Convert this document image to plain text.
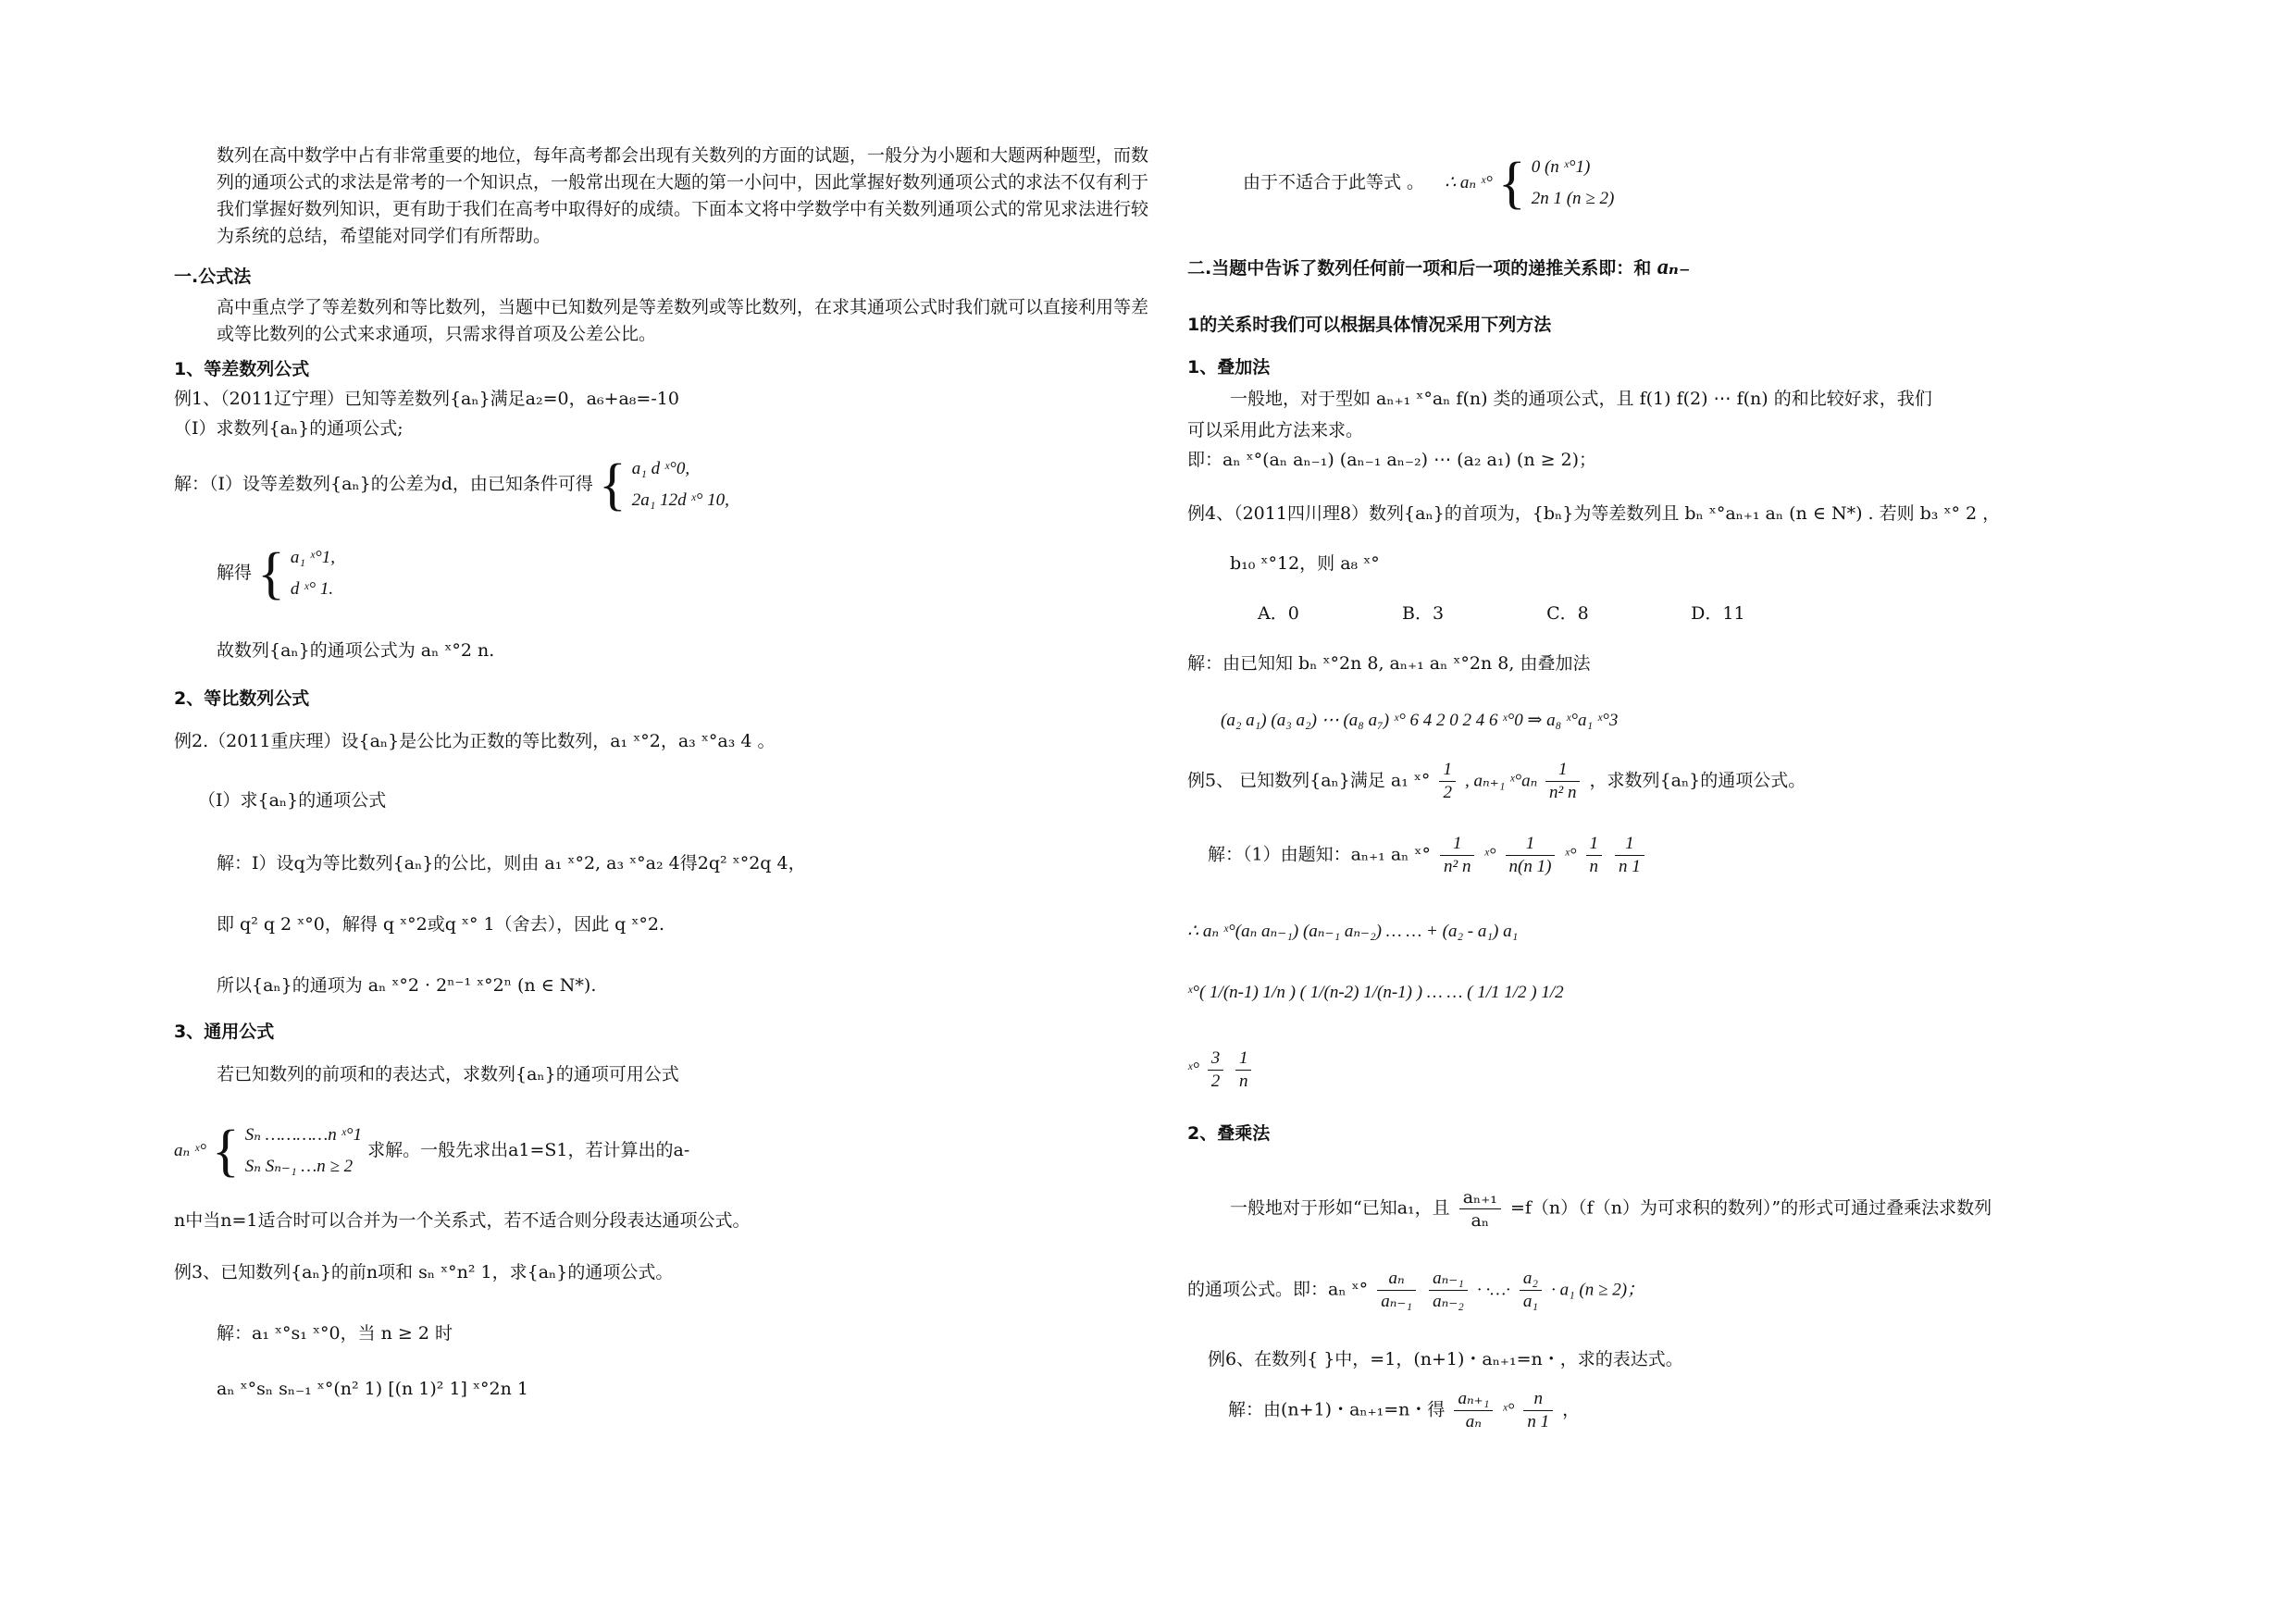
数列在高中数学中占有非常重要的地位，每年高考都会出现有关数列的方面的试题，一般分为小题和大题两种题型，而数列的通项公式的求法是常考的一个知识点，一般常出现在大题的第一小问中，因此掌握好数列通项公式的求法不仅有利于我们掌握好数列知识，更有助于我们在高考中取得好的成绩。下面本文将中学数学中有关数列通项公式的常见求法进行较为系统的总结，希望能对同学们有所帮助。
一.公式法
高中重点学了等差数列和等比数列，当题中已知数列是等差数列或等比数列，在求其通项公式时我们就可以直接利用等差或等比数列的公式来求通项，只需求得首项及公差公比。
1、等差数列公式
例1、（2011辽宁理）已知等差数列{aₙ}满足a₂=0，a₆+a₈=-10
（I）求数列{aₙ}的通项公式;
解：（I）设等差数列{aₙ}的公差为d，由已知条件可得 { a₁ d ˣ°0,
2a₁ 12d ˣ° 10,
解得 { a₁ ˣ°1,
d ˣ° 1.
故数列{aₙ}的通项公式为 aₙ ˣ°2 n.
2、等比数列公式
例2.（2011重庆理）设{aₙ}是公比为正数的等比数列，a₁ ˣ°2，a₃ ˣ°a₃ 4 。
（Ⅰ）求{aₙ}的通项公式
解：I）设q为等比数列{aₙ}的公比，则由 a₁ ˣ°2, a₃ ˣ°a₂ 4得2q² ˣ°2q 4，
即 q² q 2 ˣ°0，解得 q ˣ°2或q ˣ° 1（舍去），因此 q ˣ°2.
所以{aₙ}的通项为 aₙ ˣ°2 · 2ⁿ⁻¹ ˣ°2ⁿ (n ∈ N*).
3、通用公式
若已知数列的前项和的表达式，求数列{aₙ}的通项可用公式
aₙ ˣ° { Sₙ …………n ˣ°1
Sₙ Sₙ₋₁ …n ≥ 2
求解。一般先求出a1=S1，若计算出的a-
n中当n=1适合时可以合并为一个关系式，若不适合则分段表达通项公式。
例3、已知数列{aₙ}的前n项和 sₙ ˣ°n² 1，求{aₙ}的通项公式。
解：a₁ ˣ°s₁ ˣ°0，当 n ≥ 2 时
aₙ ˣ°sₙ sₙ₋₁ ˣ°(n² 1) [(n 1)² 1] ˣ°2n 1
由于不适合于此等式 。 ∴ aₙ ˣ° { 0 (n ˣ°1)
2n 1 (n ≥ 2)
二.当题中告诉了数列任何前一项和后一项的递推关系即：和 aₙ₋
1的关系时我们可以根据具体情况采用下列方法
1、叠加法
一般地，对于型如 aₙ₊₁ ˣ°aₙ f(n) 类的通项公式，且 f(1) f(2) ⋯ f(n) 的和比较好求，我们
可以采用此方法来求。
即：aₙ ˣ°(aₙ aₙ₋₁) (aₙ₋₁ aₙ₋₂) ⋯ (a₂ a₁) (n ≥ 2)；
例4、（2011四川理8）数列{aₙ}的首项为，{bₙ}为等差数列且 bₙ ˣ°aₙ₊₁ aₙ (n ∈ N*) . 若则 b₃ ˣ° 2 ，
b₁₀ ˣ°12，则 a₈ ˣ°
A．0	B．3	C．8	D．11
解：由已知知 bₙ ˣ°2n 8, aₙ₊₁ aₙ ˣ°2n 8, 由叠加法
(a₂ a₁) (a₃ a₂) ⋯ (a₈ a₇) ˣ° 6 4 2 0 2 4 6 ˣ°0 ⇒ a₈ ˣ°a₁ ˣ°3
例5、 已知数列{aₙ}满足 a₁ ˣ° $\frac{1}{2}$ , aₙ₊₁ ˣ°aₙ $\frac{1}{\text{n² n}}$ ，求数列{aₙ}的通项公式。
解：（1）由题知：aₙ₊₁ aₙ ˣ° $\frac{1}{\text{n² n}}$ ˣ° $\frac{1}{n(n 1)}$ ˣ° $\frac{1}{n}$
$\frac{1}{n 1}$
∴ aₙ ˣ°(aₙ aₙ₋₁) (aₙ₋₁ aₙ₋₂) … … + (a₂ - a₁) a₁
ˣ°( 1/(n-1) 1/n ) ( 1/(n-2) 1/(n-1) ) … … ( 1/1 1/2 ) 1/2
ˣ° $\frac{3}{2}$
$\frac{1}{n}$
2、叠乘法
一般地对于形如“已知a₁，且 $\frac{\text{aₙ₊₁}}{\text{aₙ}} =f(n)(f(n)$为可求积的数列）”的形式可通过叠乘法求数列
的通项公式。即：aₙ ˣ° $\frac{\text{aₙ}}{\text{aₙ₋₁}}$
$\frac{\text{aₙ₋₁}}{\text{aₙ₋₂}}$ · ·…· $\frac{\text{a₂}}{\text{a₁}} \cdot a_1$ (n ≥ 2)；
例6、在数列{ }中，=1，(n+1)・aₙ₊₁=n・，求的表达式。
解：由(n+1)・aₙ₊₁=n・得 $\frac{\text{aₙ₊₁}}{\text{aₙ}}$ ˣ° $\frac{n}{n 1}$ ，
